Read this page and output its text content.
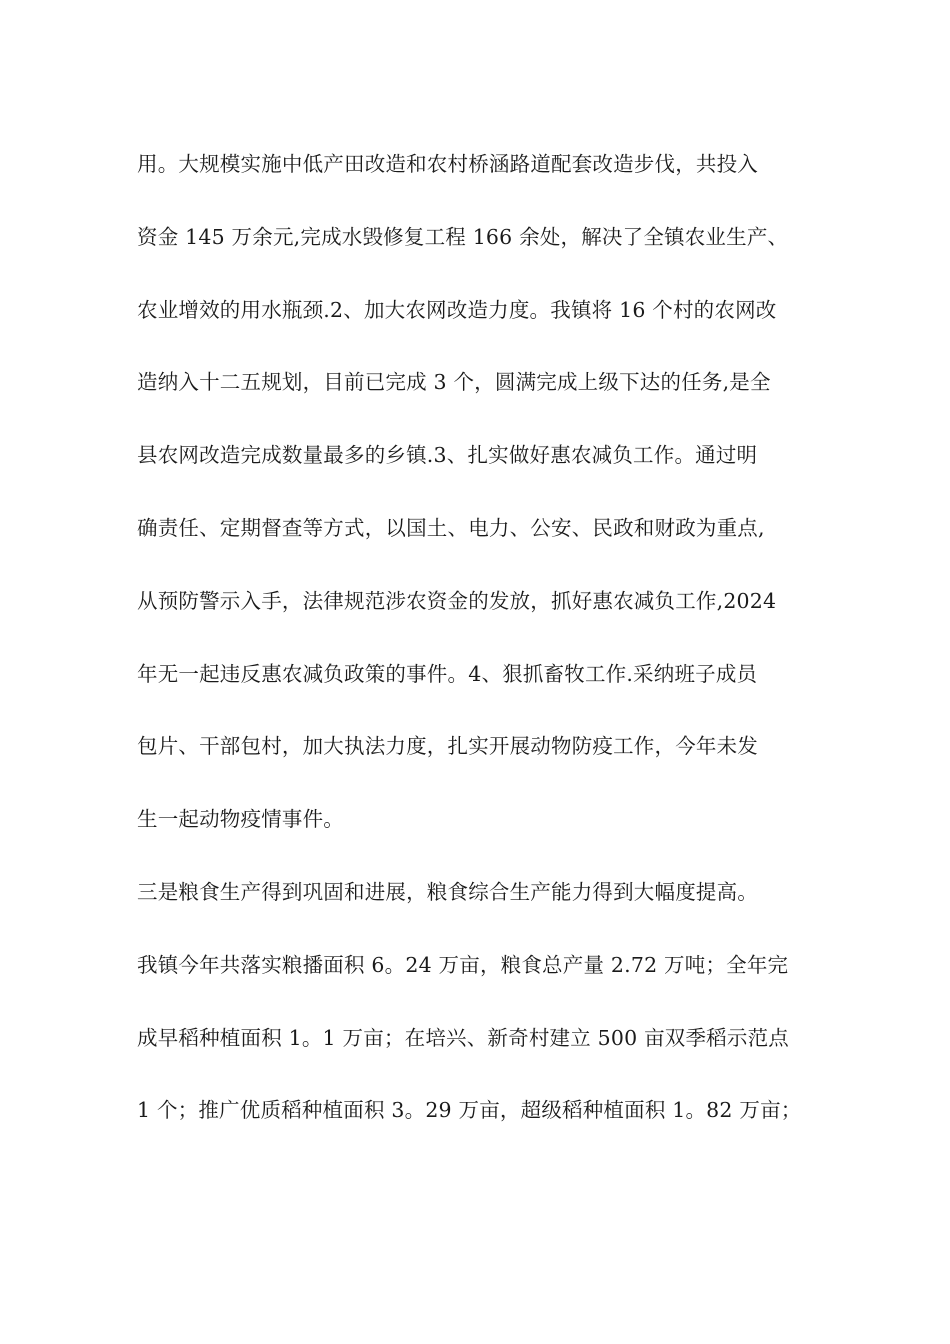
用。大规模实施中低产田改造和农村桥涵路道配套改造步伐，共投入
资金 145 万余元,完成水毁修复工程 166 余处，解决了全镇农业生产、
农业增效的用水瓶颈.2、加大农网改造力度。我镇将 16 个村的农网改
造纳入十二五规划，目前已完成 3 个，圆满完成上级下达的任务,是全
县农网改造完成数量最多的乡镇.3、扎实做好惠农减负工作。通过明
确责任、定期督查等方式，以国土、电力、公安、民政和财政为重点,
从预防警示入手，法律规范涉农资金的发放，抓好惠农减负工作,2024
年无一起违反惠农减负政策的事件。4、狠抓畜牧工作.采纳班子成员
包片、干部包村，加大执法力度，扎实开展动物防疫工作，今年未发
生一起动物疫情事件。
三是粮食生产得到巩固和进展，粮食综合生产能力得到大幅度提高。
我镇今年共落实粮播面积 6。24 万亩，粮食总产量 2.72 万吨；全年完
成早稻种植面积 1。1 万亩；在培兴、新奇村建立 500 亩双季稻示范点
1 个；推广优质稻种植面积 3。29 万亩，超级稻种植面积 1。82 万亩；
